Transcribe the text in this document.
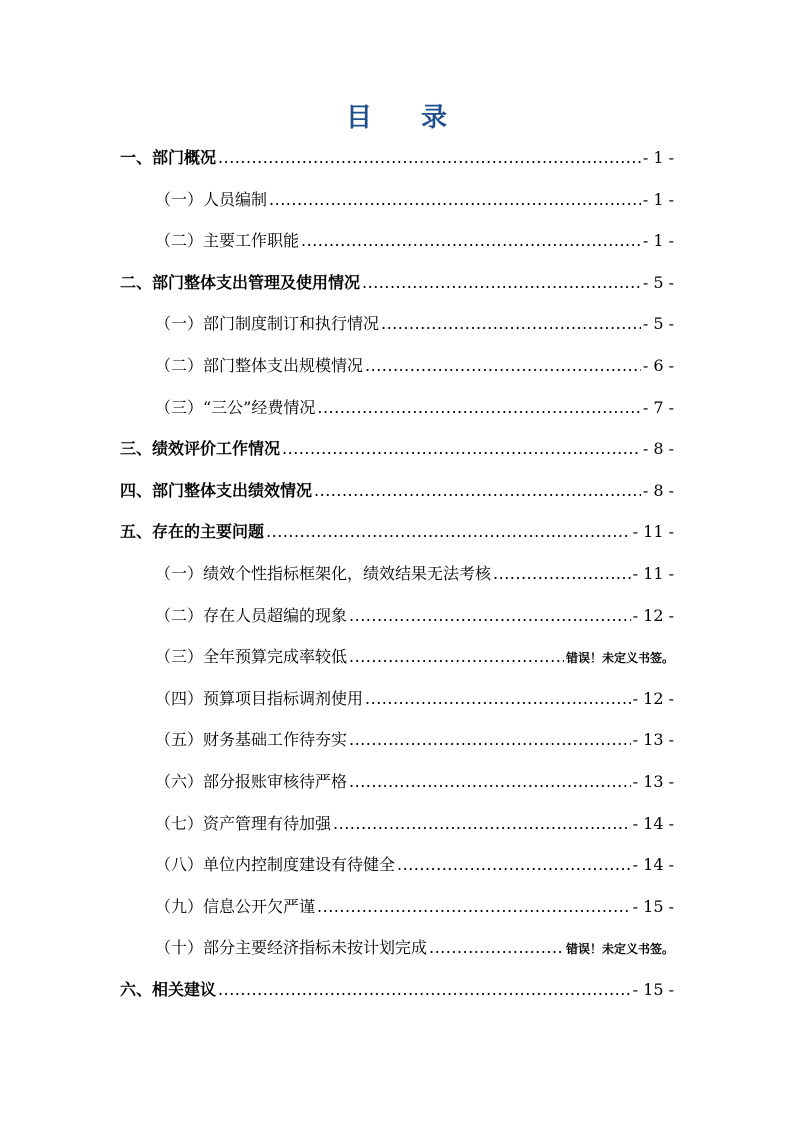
目 录
一、部门概况 .....	- 1 -
（一）人员编制 .....	- 1 -
（二）主要工作职能 .....	- 1 -
二、部门整体支出管理及使用情况 .....	- 5 -
（一）部门制度制订和执行情况 .....	- 5 -
（二）部门整体支出规模情况 .....	- 6 -
（三）“三公”经费情况 .....	- 7 -
三、绩效评价工作情况 .....	- 8 -
四、部门整体支出绩效情况 .....	- 8 -
五、存在的主要问题 .....	- 11 -
（一）绩效个性指标框架化，绩效结果无法考核 .....	- 11 -
（二）存在人员超编的现象 .....	- 12 -
（三）全年预算完成率较低 .....	错误！未定义书签。
（四）预算项目指标调剂使用 .....	- 12 -
（五）财务基础工作待夯实 .....	- 13 -
（六）部分报账审核待严格 .....	- 13 -
（七）资产管理有待加强 .....	- 14 -
（八）单位内控制度建设有待健全 .....	- 14 -
（九）信息公开欠严谨 .....	- 15 -
（十）部分主要经济指标未按计划完成 .....	错误！未定义书签。
六、相关建议 .....	- 15 -
